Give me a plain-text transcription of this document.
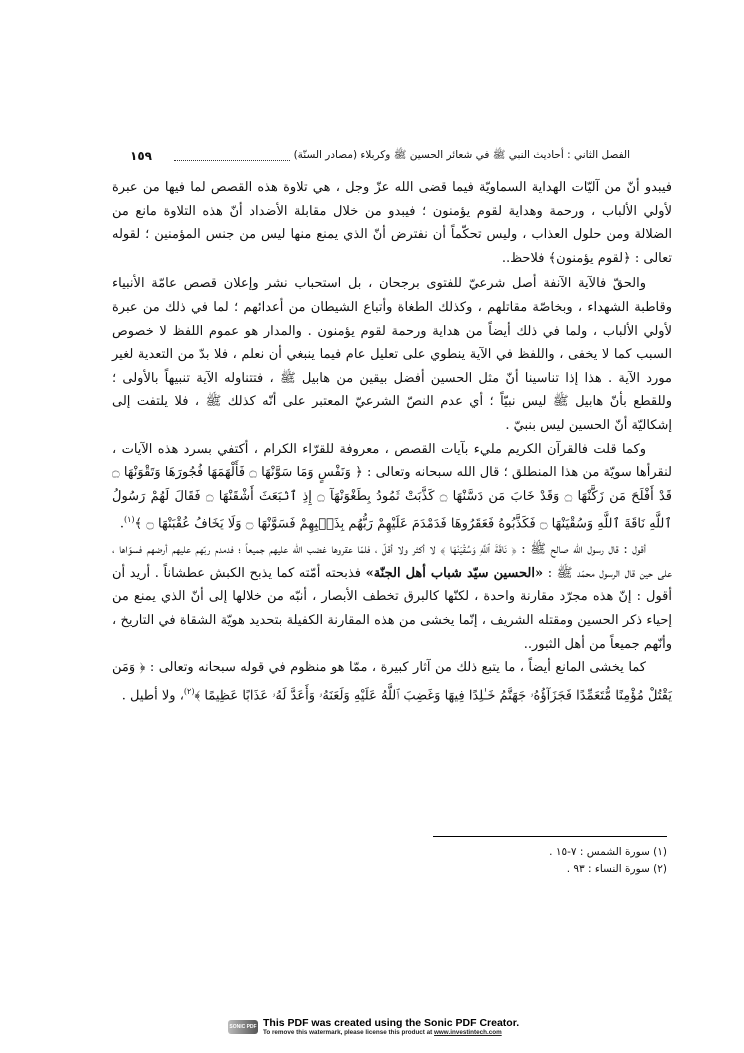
الفصل الثاني : أحاديث النبي ﷺ في شعائر الحسين ﷺ وكربلاء (مصادر السنّة)
١٥٩

فيبدو أنّ من آليّات الهداية السماويّة فيما قضى الله عزّ وجل ، هي تلاوة هذه القصص لما فيها من عبرة لأولي الألباب ، ورحمة وهداية لقوم يؤمنون ؛ فيبدو من خلال مقابلة الأضداد أنّ هذه التلاوة مانع من الضلالة ومن حلول العذاب ، وليس تحكّماً أن نفترض أنّ الذي يمنع منها ليس من جنس المؤمنين ؛ لقوله تعالى : ﴿لقوم يؤمنون﴾ فلاحظ..

والحقّ فالآية الآنفة أصل شرعيّ للفتوى برجحان ، بل استحباب نشر وإعلان قصص عامّة الأنبياء وقاطبة الشهداء ، وبخاصّة مقاتلهم ، وكذلك الطغاة وأتباع الشيطان من أعدائهم ؛ لما في ذلك من عبرة لأولي الألباب ، ولما في ذلك أيضاً من هداية ورحمة لقوم يؤمنون . والمدار هو عموم اللفظ لا خصوص السبب كما لا يخفى ، واللفظ في الآية ينطوي على تعليل عام فيما ينبغي أن نعلم ، فلا بدّ من التعدية لغير مورد الآية . هذا إذا تناسينا أنّ مثل الحسين أفضل بيقين من هابيل ﷺ ، فتتناوله الآية تنبيهاً بالأولى ؛ وللقطع بأنّ هابيل ﷺ ليس نبيّاً ؛ أي عدم النصّ الشرعيّ المعتبر على أنّه كذلك ﷺ ، فلا يلتفت إلى إشكاليّة أنّ الحسين ليس بنبيّ .

وكما قلت فالقرآن الكريم مليء بآيات القصص ، معروفة للقرّاء الكرام ، أكتفي بسرد هذه الآيات ، لنقرأها سويّة من هذا المنطلق ؛ قال الله سبحانه وتعالى : ﴿ وَنَفْسٍ وَمَا سَوَّنْهَا ۝ فَأَلْهَمَهَا فُجُورَهَا وَتَقْوَنْهَا ۝ قَدْ أَفْلَحَ مَن زَكَّنْهَا ۝ وَقَدْ خَابَ مَن دَسَّنْهَا ۝ كَذَّبَتْ ثَمُودُ بِطَغْوَنْهَآ ۝ إِذِ ٱنۢبَعَثَ أَشْقَنْهَا ۝ فَقَالَ لَهُمْ رَسُولُ ٱللَّهِ نَاقَةَ ٱللَّهِ وَسُقْيَنْهَا ۝ فَكَذَّبُوهُ فَعَقَرُوهَا فَدَمْدَمَ عَلَيْهِمْ رَبُّهُم بِذَنۢبِهِمْ فَسَوَّنْهَا ۝ وَلَا يَخَافُ عُقْبَنْهَا ۝ ﴾$^{(١)}$.

أقول : قال رسول الله صالح ﷺ : ﴿ نَاقَةَ ٱللَّهِ وَسُقْيَنْهَا ﴾ لا أكثر ولا أقلّ ، فلمّا عقروها غضب الله عليهم جميعاً ؛ فدمدم ربّهم عليهم أرضهم فسوّاها ، على حين قال الرسول محمّد ﷺ : «الحسين سيّد شباب أهل الجنّة» فذبحته أمّته كما يذبح الكبش عطشاناً . أريد أن أقول : إنّ هذه مجرّد مقارنة واحدة ، لكنّها كالبرق تخطف الأبصار ، أنبّه من خلالها إلى أنّ الذي يمنع من إحياء ذكر الحسين ومقتله الشريف ، إنّما يخشى من هذه المقارنة الكفيلة بتحديد هويّة الشقاة في التاريخ ، وأنّهم جميعاً من أهل الثبور..

كما يخشى المانع أيضاً ، ما يتبع ذلك من آثار كبيرة ، ممّا هو منظوم في قوله سبحانه وتعالى : ﴿ وَمَن يَقْتُلْ مُؤْمِنًا مُّتَعَمِّدًا فَجَزَآؤُهُۥ جَهَنَّمُ خَـٰلِدًا فِيهَا وَغَضِبَ ٱللَّهُ عَلَيْهِ وَلَعَنَهُۥ وَأَعَدَّ لَهُۥ عَذَابًا عَظِيمًا ﴾$^{(٢)}$، ولا أطيل .

(١) سورة الشمس : ٧-١٥ .
(٢) سورة النساء : ٩٣ .
SONIC PDF This PDF was created using the Sonic PDF Creator.
To remove this watermark, please license this product at www.investintech.com
